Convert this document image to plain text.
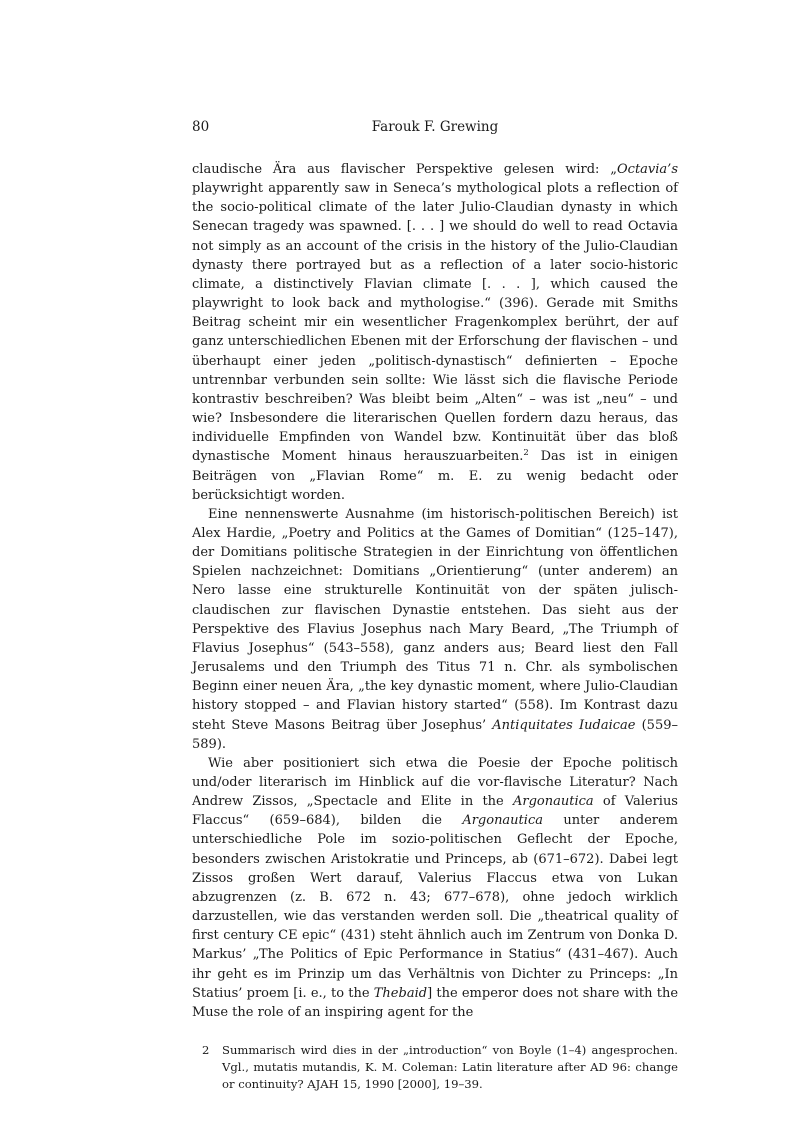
80	Farouk F. Grewing

claudische Ära aus flavischer Perspektive gelesen wird: „Octavia’s playwright apparently saw in Seneca’s mythological plots a reflection of the socio-political climate of the later Julio-Claudian dynasty in which Senecan tragedy was spawned. [. . . ] we should do well to read Octavia not simply as an account of the crisis in the history of the Julio-Claudian dynasty there portrayed but as a reflection of a later socio-historic climate, a distinctively Flavian climate [. . . ], which caused the playwright to look back and mythologise.“ (396). Gerade mit Smiths Beitrag scheint mir ein wesentlicher Fragenkomplex berührt, der auf ganz unterschiedlichen Ebenen mit der Erforschung der flavischen – und überhaupt einer jeden „politisch-dynastisch“ definierten – Epoche untrennbar verbunden sein sollte: Wie lässt sich die flavische Periode kontrastiv beschreiben? Was bleibt beim „Alten“ – was ist „neu“ – und wie? Insbesondere die literarischen Quellen fordern dazu heraus, das individuelle Empfinden von Wandel bzw. Kontinuität über das bloß dynastische Moment hinaus herauszuarbeiten.$^2$ Das ist in einigen Beiträgen von „Flavian Rome“ m. E. zu wenig bedacht oder berücksichtigt worden.

Eine nennenswerte Ausnahme (im historisch-politischen Bereich) ist Alex Hardie, „Poetry and Politics at the Games of Domitian“ (125–147), der Domitians politische Strategien in der Einrichtung von öffentlichen Spielen nachzeichnet: Domitians „Orientierung“ (unter anderem) an Nero lasse eine strukturelle Kontinuität von der späten julisch-claudischen zur flavischen Dynastie entstehen. Das sieht aus der Perspektive des Flavius Josephus nach Mary Beard, „The Triumph of Flavius Josephus“ (543–558), ganz anders aus; Beard liest den Fall Jerusalems und den Triumph des Titus 71 n. Chr. als symbolischen Beginn einer neuen Ära, „the key dynastic moment, where Julio-Claudian history stopped – and Flavian history started“ (558). Im Kontrast dazu steht Steve Masons Beitrag über Josephus’ Antiquitates Iudaicae (559–589).

Wie aber positioniert sich etwa die Poesie der Epoche politisch und/oder literarisch im Hinblick auf die vor-flavische Literatur? Nach Andrew Zissos, „Spectacle and Elite in the Argonautica of Valerius Flaccus“ (659–684), bilden die Argonautica unter anderem unterschiedliche Pole im sozio-politischen Geflecht der Epoche, besonders zwischen Aristokratie und Princeps, ab (671–672). Dabei legt Zissos großen Wert darauf, Valerius Flaccus etwa von Lukan abzugrenzen (z. B. 672 n. 43; 677–678), ohne jedoch wirklich darzustellen, wie das verstanden werden soll. Die „theatrical quality of first century CE epic“ (431) steht ähnlich auch im Zentrum von Donka D. Markus’ „The Politics of Epic Performance in Statius“ (431–467). Auch ihr geht es im Prinzip um das Verhältnis von Dichter zu Princeps: „In Statius’ proem [i. e., to the Thebaid] the emperor does not share with the Muse the role of an inspiring agent for the

2 Summarisch wird dies in der „introduction“ von Boyle (1–4) angesprochen. Vgl., mutatis mutandis, K. M. Coleman: Latin literature after AD 96: change or continuity? AJAH 15, 1990 [2000], 19–39.
